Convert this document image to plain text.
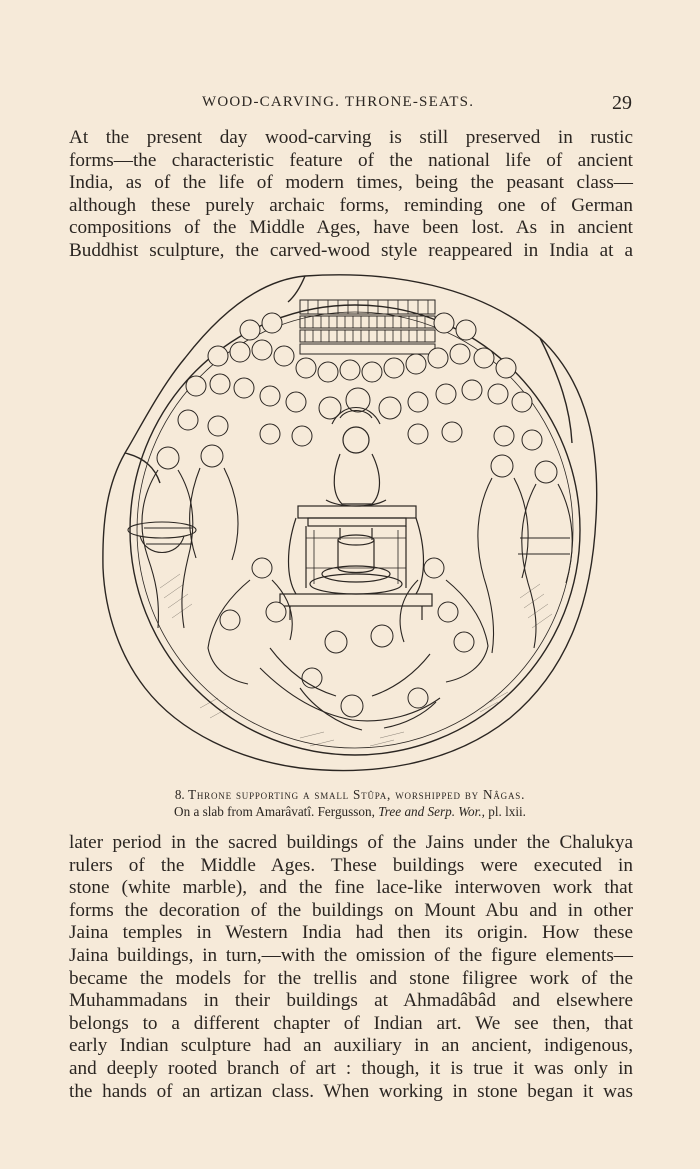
WOOD-CARVING. THRONE-SEATS.	29
At the present day wood-carving is still preserved in rustic
forms—the characteristic feature of the national life of ancient
India, as of the life of modern times, being the peasant class—
although these purely archaic forms, reminding one of German
compositions of the Middle Ages, have been lost. As in ancient
Buddhist sculpture, the carved-wood style reappeared in India at a
8. Throne supporting a small Stûpa, worshipped by Nâgas.
On a slab from Amarâvatî. Fergusson, Tree and Serp. Wor., pl. lxii.
later period in the sacred buildings of the Jains under the Chalukya
rulers of the Middle Ages. These buildings were executed in
stone (white marble), and the fine lace-like interwoven work that
forms the decoration of the buildings on Mount Abu and in other
Jaina temples in Western India had then its origin. How these
Jaina buildings, in turn,—with the omission of the figure elements—
became the models for the trellis and stone filigree work of the
Muhammadans in their buildings at Ahmadâbâd and elsewhere
belongs to a different chapter of Indian art. We see then, that
early Indian sculpture had an auxiliary in an ancient, indigenous,
and deeply rooted branch of art : though, it is true it was only in
the hands of an artizan class. When working in stone began it was
